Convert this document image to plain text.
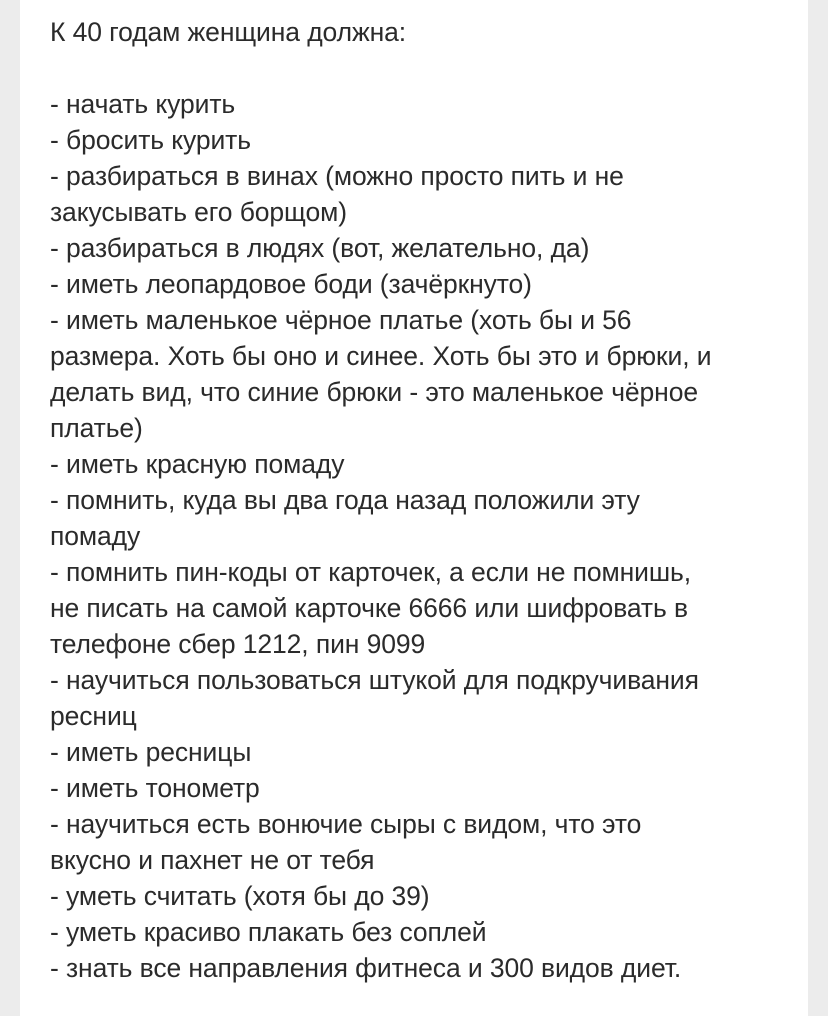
К 40 годам женщина должна:
- начать курить
- бросить курить
- разбираться в винах (можно просто пить и не
закусывать его борщом)
- разбираться в людях (вот, желательно, да)
- иметь леопардовое боди (зачёркнуто)
- иметь маленькое чёрное платье (хоть бы и 56
размера. Хоть бы оно и синее. Хоть бы это и брюки, и
делать вид, что синие брюки - это маленькое чёрное
платье)
- иметь красную помаду
- помнить, куда вы два года назад положили эту
помаду
- помнить пин-коды от карточек, а если не помнишь,
не писать на самой карточке 6666 или шифровать в
телефоне сбер 1212, пин 9099
- научиться пользоваться штукой для подкручивания
ресниц
- иметь ресницы
- иметь тонометр
- научиться есть вонючие сыры с видом, что это
вкусно и пахнет не от тебя
- уметь считать (хотя бы до 39)
- уметь красиво плакать без соплей
- знать все направления фитнеса и 300 видов диет.
